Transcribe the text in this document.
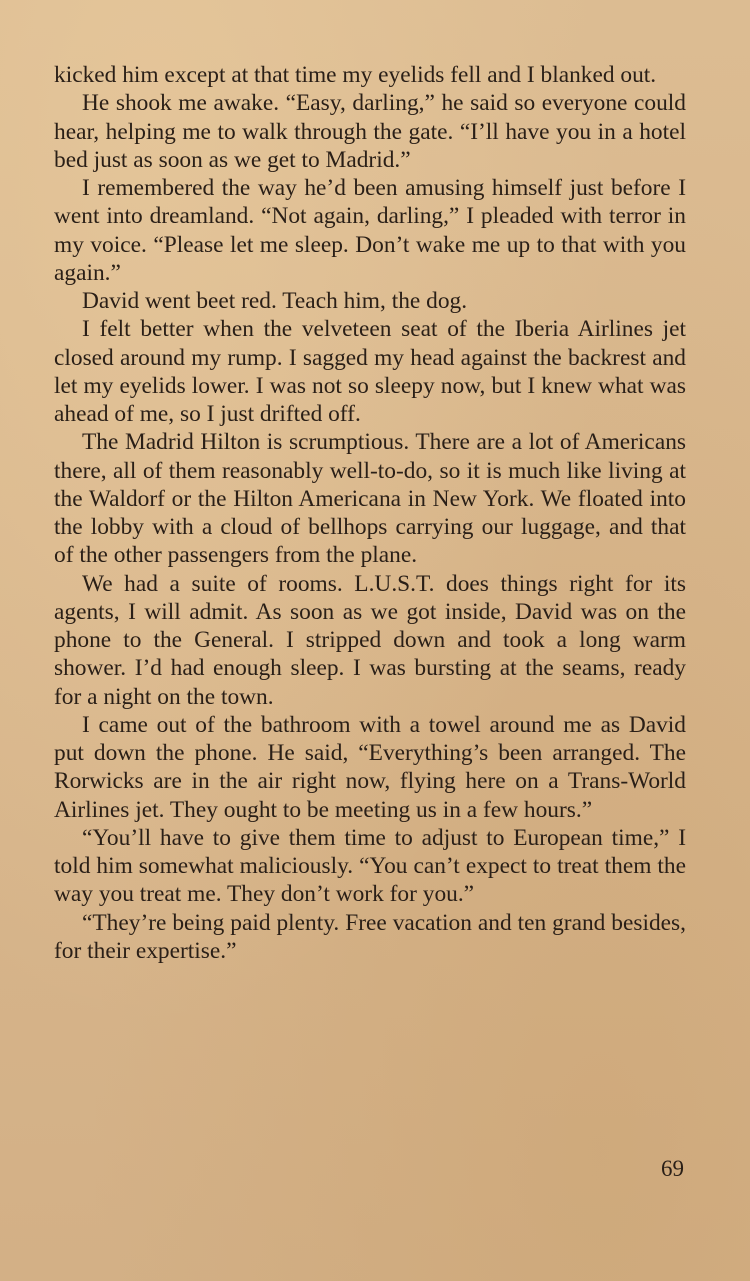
kicked him except at that time my eyelids fell and I blanked out.

He shook me awake. “Easy, darling,” he said so everyone could hear, helping me to walk through the gate. “I’ll have you in a hotel bed just as soon as we get to Madrid.”

I remembered the way he’d been amusing himself just before I went into dreamland. “Not again, darling,” I pleaded with terror in my voice. “Please let me sleep. Don’t wake me up to that with you again.”

David went beet red. Teach him, the dog.

I felt better when the velveteen seat of the Iberia Airlines jet closed around my rump. I sagged my head against the backrest and let my eyelids lower. I was not so sleepy now, but I knew what was ahead of me, so I just drifted off.

The Madrid Hilton is scrumptious. There are a lot of Americans there, all of them reasonably well-to-do, so it is much like living at the Waldorf or the Hilton Americana in New York. We floated into the lobby with a cloud of bellhops carrying our luggage, and that of the other passengers from the plane.

We had a suite of rooms. L.U.S.T. does things right for its agents, I will admit. As soon as we got inside, David was on the phone to the General. I stripped down and took a long warm shower. I’d had enough sleep. I was bursting at the seams, ready for a night on the town.

I came out of the bathroom with a towel around me as David put down the phone. He said, “Everything’s been arranged. The Rorwicks are in the air right now, flying here on a Trans-World Airlines jet. They ought to be meeting us in a few hours.”

“You’ll have to give them time to adjust to European time,” I told him somewhat maliciously. “You can’t expect to treat them the way you treat me. They don’t work for you.”

“They’re being paid plenty. Free vacation and ten grand besides, for their expertise.”

69
